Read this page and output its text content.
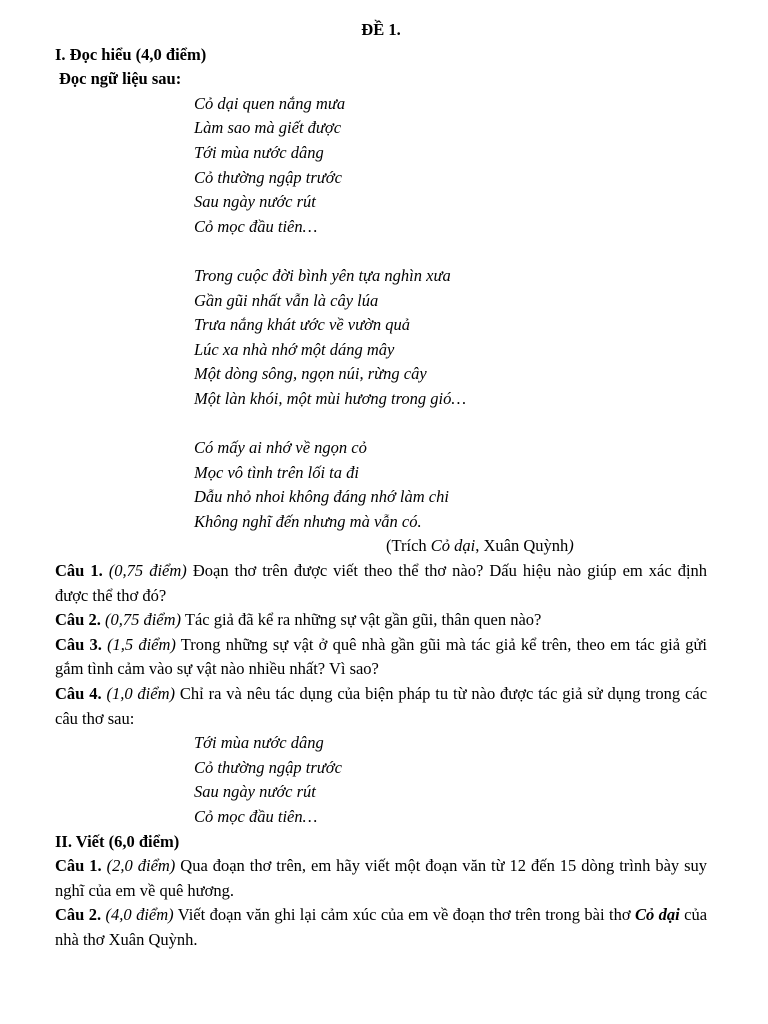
ĐỀ 1.
I. Đọc hiểu (4,0 điểm)
Đọc ngữ liệu sau:
Cỏ dại quen nắng mưa
Làm sao mà giết được
Tới mùa nước dâng
Cỏ thường ngập trước
Sau ngày nước rút
Cỏ mọc đầu tiên…
Trong cuộc đời bình yên tựa nghìn xưa
Gần gũi nhất vẫn là cây lúa
Trưa nắng khát ước về vườn quả
Lúc xa nhà nhớ một dáng mây
Một dòng sông, ngọn núi, rừng cây
Một làn khói, một mùi hương trong gió…
Có mấy ai nhớ về ngọn cỏ
Mọc vô tình trên lối ta đi
Dẫu nhỏ nhoi không đáng nhớ làm chi
Không nghĩ đến nhưng mà vẫn có.
(Trích Cỏ dại, Xuân Quỳnh)
Câu 1. (0,75 điểm) Đoạn thơ trên được viết theo thể thơ nào? Dấu hiệu nào giúp em xác định được thể thơ đó?
Câu 2. (0,75 điểm) Tác giả đã kể ra những sự vật gần gũi, thân quen nào?
Câu 3. (1,5 điểm) Trong những sự vật ở quê nhà gần gũi mà tác giả kể trên, theo em tác giả gửi gắm tình cảm vào sự vật nào nhiều nhất? Vì sao?
Câu 4. (1,0 điểm) Chỉ ra và nêu tác dụng của biện pháp tu từ nào được tác giả sử dụng trong các câu thơ sau:
Tới mùa nước dâng
Cỏ thường ngập trước
Sau ngày nước rút
Cỏ mọc đầu tiên…
II. Viết (6,0 điểm)
Câu 1. (2,0 điểm) Qua đoạn thơ trên, em hãy viết một đoạn văn từ 12 đến 15 dòng trình bày suy nghĩ của em về quê hương.
Câu 2. (4,0 điểm) Viết đoạn văn ghi lại cảm xúc của em về đoạn thơ trên trong bài thơ Cỏ dại của nhà thơ Xuân Quỳnh.
